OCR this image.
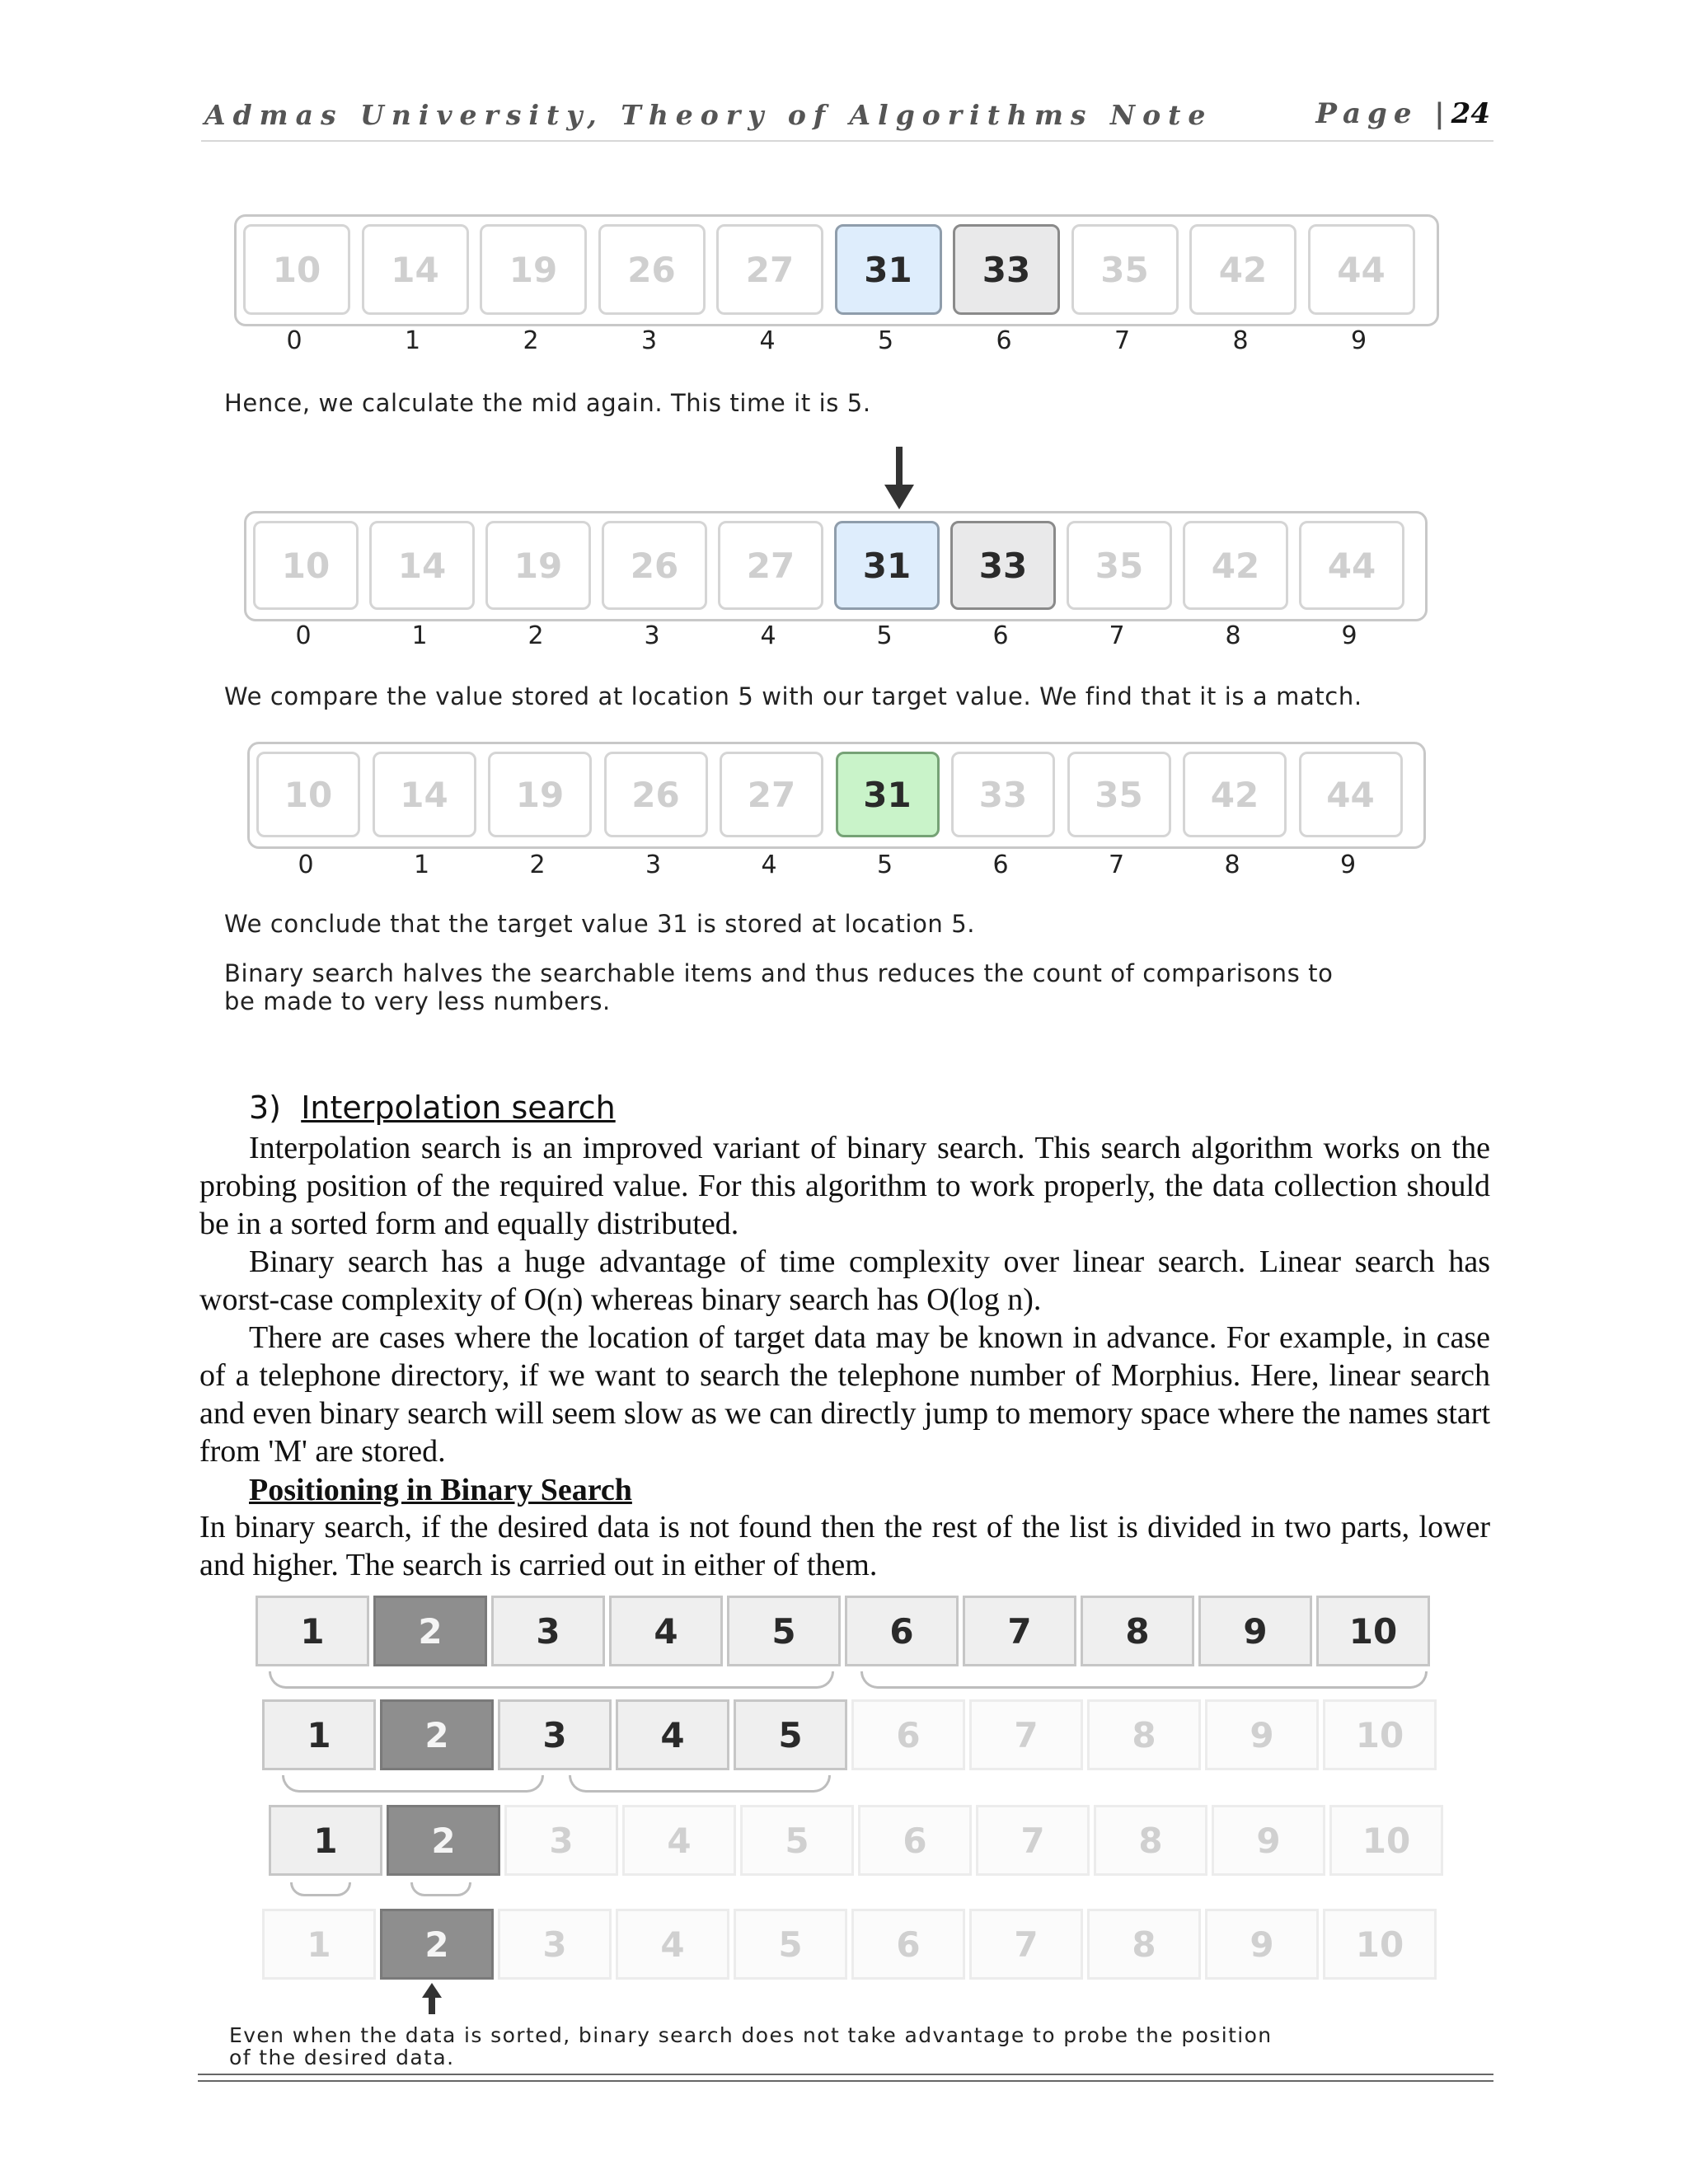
Admas University, Theory of Algorithms Note	Page |24
10	14	19	26	27	31	33	35	42	44
0	1	2	3	4	5	6	7	8	9
Hence, we calculate the mid again. This time it is 5.
10	14	19	26	27	31	33	35	42	44
0	1	2	3	4	5	6	7	8	9
We compare the value stored at location 5 with our target value. We find that it is a match.
10	14	19	26	27	31	33	35	42	44
0	1	2	3	4	5	6	7	8	9
We conclude that the target value 31 is stored at location 5.
Binary search halves the searchable items and thus reduces the count of comparisons to
be made to very less numbers.
3) Interpolation search
Interpolation search is an improved variant of binary search. This search algorithm works on the probing position of the required value. For this algorithm to work properly, the data collection should be in a sorted form and equally distributed.
Binary search has a huge advantage of time complexity over linear search. Linear search has worst-case complexity of O(n) whereas binary search has O(log n).
There are cases where the location of target data may be known in advance. For example, in case of a telephone directory, if we want to search the telephone number of Morphius. Here, linear search and even binary search will seem slow as we can directly jump to memory space where the names start from 'M' are stored.
Positioning in Binary Search
In binary search, if the desired data is not found then the rest of the list is divided in two parts, lower and higher. The search is carried out in either of them.
1	2	3	4	5	6	7	8	9	10
1	2	3	4	5	6	7	8	9	10
1	2	3	4	5	6	7	8	9	10
1	2	3	4	5	6	7	8	9	10
Even when the data is sorted, binary search does not take advantage to probe the position
of the desired data.
